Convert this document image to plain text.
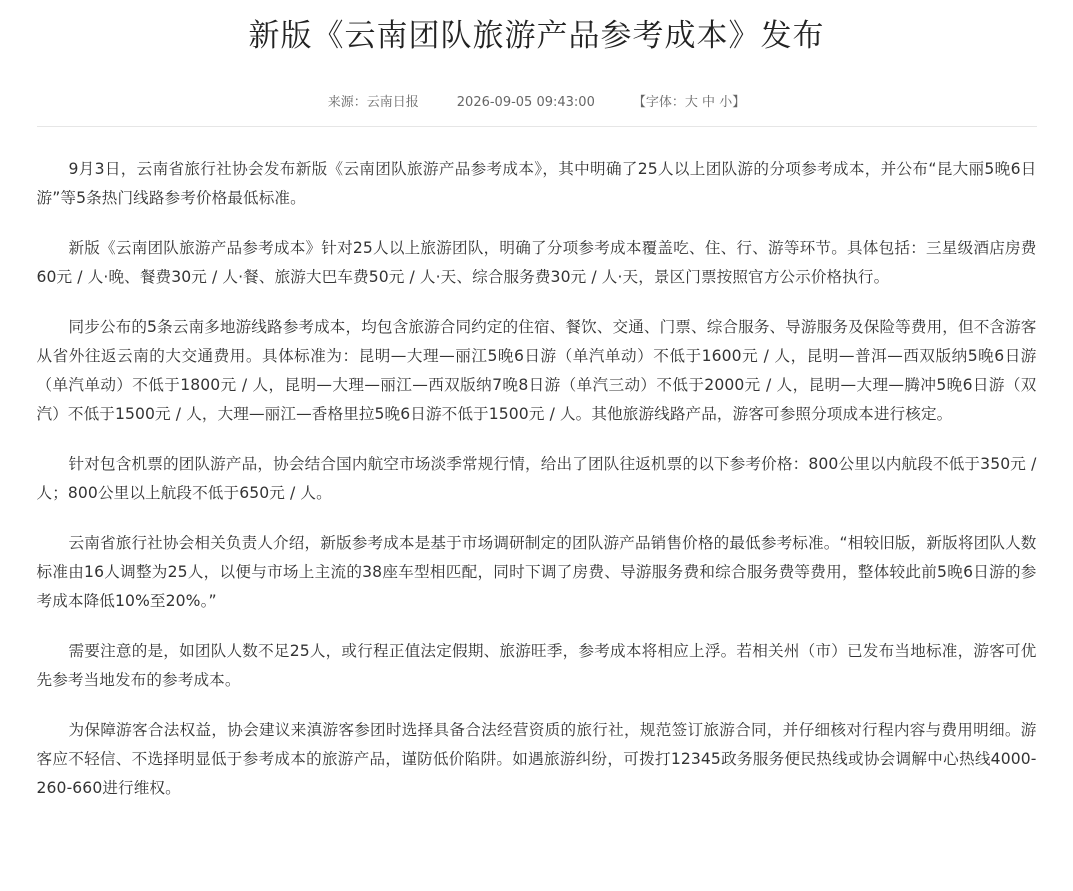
新版《云南团队旅游产品参考成本》发布
来源：云南日报	2026-09-05 09:43:00	【字体：大 中 小】

9月3日，云南省旅行社协会发布新版《云南团队旅游产品参考成本》，其中明确了25人以上团队游的分项参考成本，并公布“昆大丽5晚6日游”等5条热门线路参考价格最低标准。

新版《云南团队旅游产品参考成本》针对25人以上旅游团队，明确了分项参考成本覆盖吃、住、行、游等环节。具体包括：三星级酒店房费60元 / 人·晚、餐费30元 / 人·餐、旅游大巴车费50元 / 人·天、综合服务费30元 / 人·天，景区门票按照官方公示价格执行。

同步公布的5条云南多地游线路参考成本，均包含旅游合同约定的住宿、餐饮、交通、门票、综合服务、导游服务及保险等费用，但不含游客从省外往返云南的大交通费用。具体标准为：昆明—大理—丽江5晚6日游（单汽单动）不低于1600元 / 人，昆明—普洱—西双版纳5晚6日游（单汽单动）不低于1800元 / 人，昆明—大理—丽江—西双版纳7晚8日游（单汽三动）不低于2000元 / 人，昆明—大理—腾冲5晚6日游（双汽）不低于1500元 / 人，大理—丽江—香格里拉5晚6日游不低于1500元 / 人。其他旅游线路产品，游客可参照分项成本进行核定。

针对包含机票的团队游产品，协会结合国内航空市场淡季常规行情，给出了团队往返机票的以下参考价格：800公里以内航段不低于350元 / 人；800公里以上航段不低于650元 / 人。

云南省旅行社协会相关负责人介绍，新版参考成本是基于市场调研制定的团队游产品销售价格的最低参考标准。“相较旧版，新版将团队人数标准由16人调整为25人，以便与市场上主流的38座车型相匹配，同时下调了房费、导游服务费和综合服务费等费用，整体较此前5晚6日游的参考成本降低10%至20%。”

需要注意的是，如团队人数不足25人，或行程正值法定假期、旅游旺季，参考成本将相应上浮。若相关州（市）已发布当地标准，游客可优先参考当地发布的参考成本。

为保障游客合法权益，协会建议来滇游客参团时选择具备合法经营资质的旅行社，规范签订旅游合同，并仔细核对行程内容与费用明细。游客应不轻信、不选择明显低于参考成本的旅游产品，谨防低价陷阱。如遇旅游纠纷，可拨打12345政务服务便民热线或协会调解中心热线4000-260-660进行维权。
